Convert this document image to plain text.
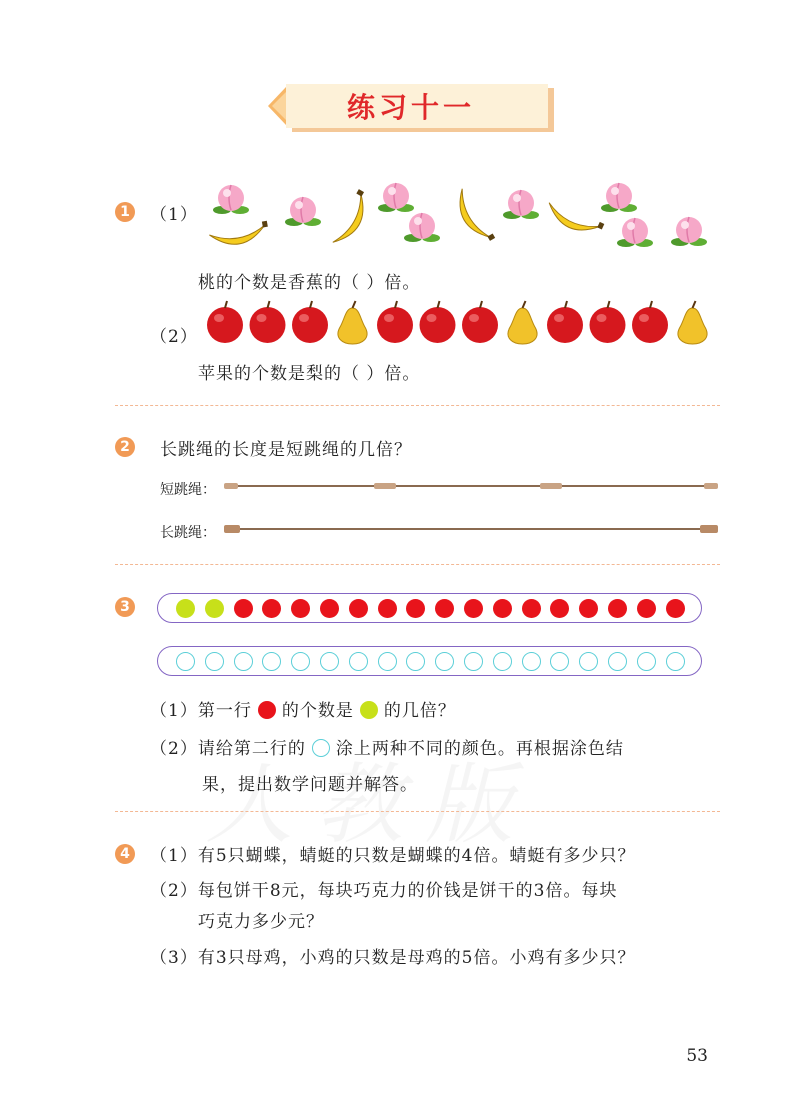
练习十一
1	（1）
桃的个数是香蕉的（ ）倍。
（2）
苹果的个数是梨的（ ）倍。
2	长跳绳的长度是短跳绳的几倍？
短跳绳：
长跳绳：
3
（1）第一行 的个数是 的几倍？
（2）请给第二行的 涂上两种不同的颜色。再根据涂色结
果，提出数学问题并解答。
4	（1）有5只蝴蝶，蜻蜓的只数是蝴蝶的4倍。蜻蜓有多少只？
（2）每包饼干8元，每块巧克力的价钱是饼干的3倍。每块
巧克力多少元？
（3）有3只母鸡，小鸡的只数是母鸡的5倍。小鸡有多少只？
53
